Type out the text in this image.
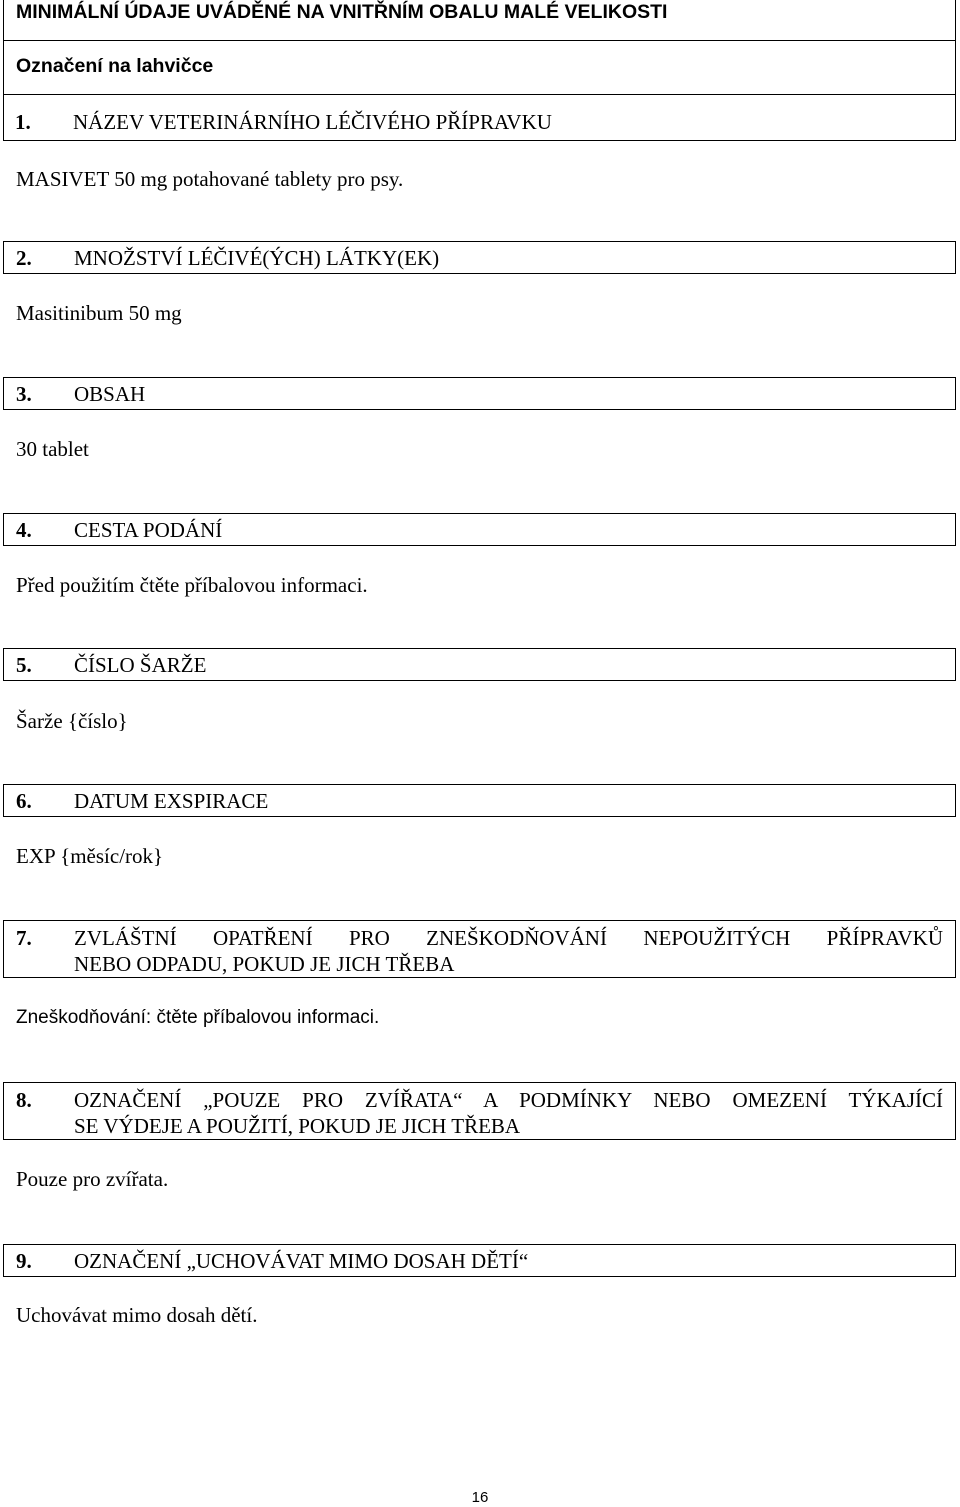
MINIMÁLNÍ ÚDAJE UVÁDĚNÉ NA VNITŘNÍM OBALU MALÉ VELIKOSTI
Označení na lahvičce
1. NÁZEV VETERINÁRNÍHO LÉČIVÉHO PŘÍPRAVKU
MASIVET 50 mg potahované tablety pro psy.
2. MNOŽSTVÍ LÉČIVÉ(ÝCH) LÁTKY(EK)
Masitinibum 50 mg
3. OBSAH
30 tablet
4. CESTA PODÁNÍ
Před použitím čtěte příbalovou informaci.
5. ČÍSLO ŠARŽE
Šarže {číslo}
6. DATUM EXSPIRACE
EXP {měsíc/rok}
7.	ZVLÁŠTNÍ OPATŘENÍ PRO ZNEŠKODŇOVÁNÍ NEPOUŽITÝCH PŘÍPRAVKŮ
NEBO ODPADU, POKUD JE JICH TŘEBA
Zneškodňování: čtěte příbalovou informaci.
8.	OZNAČENÍ „POUZE PRO ZVÍŘATA“ A PODMÍNKY NEBO OMEZENÍ TÝKAJÍCÍ
SE VÝDEJE A POUŽITÍ, POKUD JE JICH TŘEBA
Pouze pro zvířata.
9. OZNAČENÍ „UCHOVÁVAT MIMO DOSAH DĚTÍ“
Uchovávat mimo dosah dětí.
16
